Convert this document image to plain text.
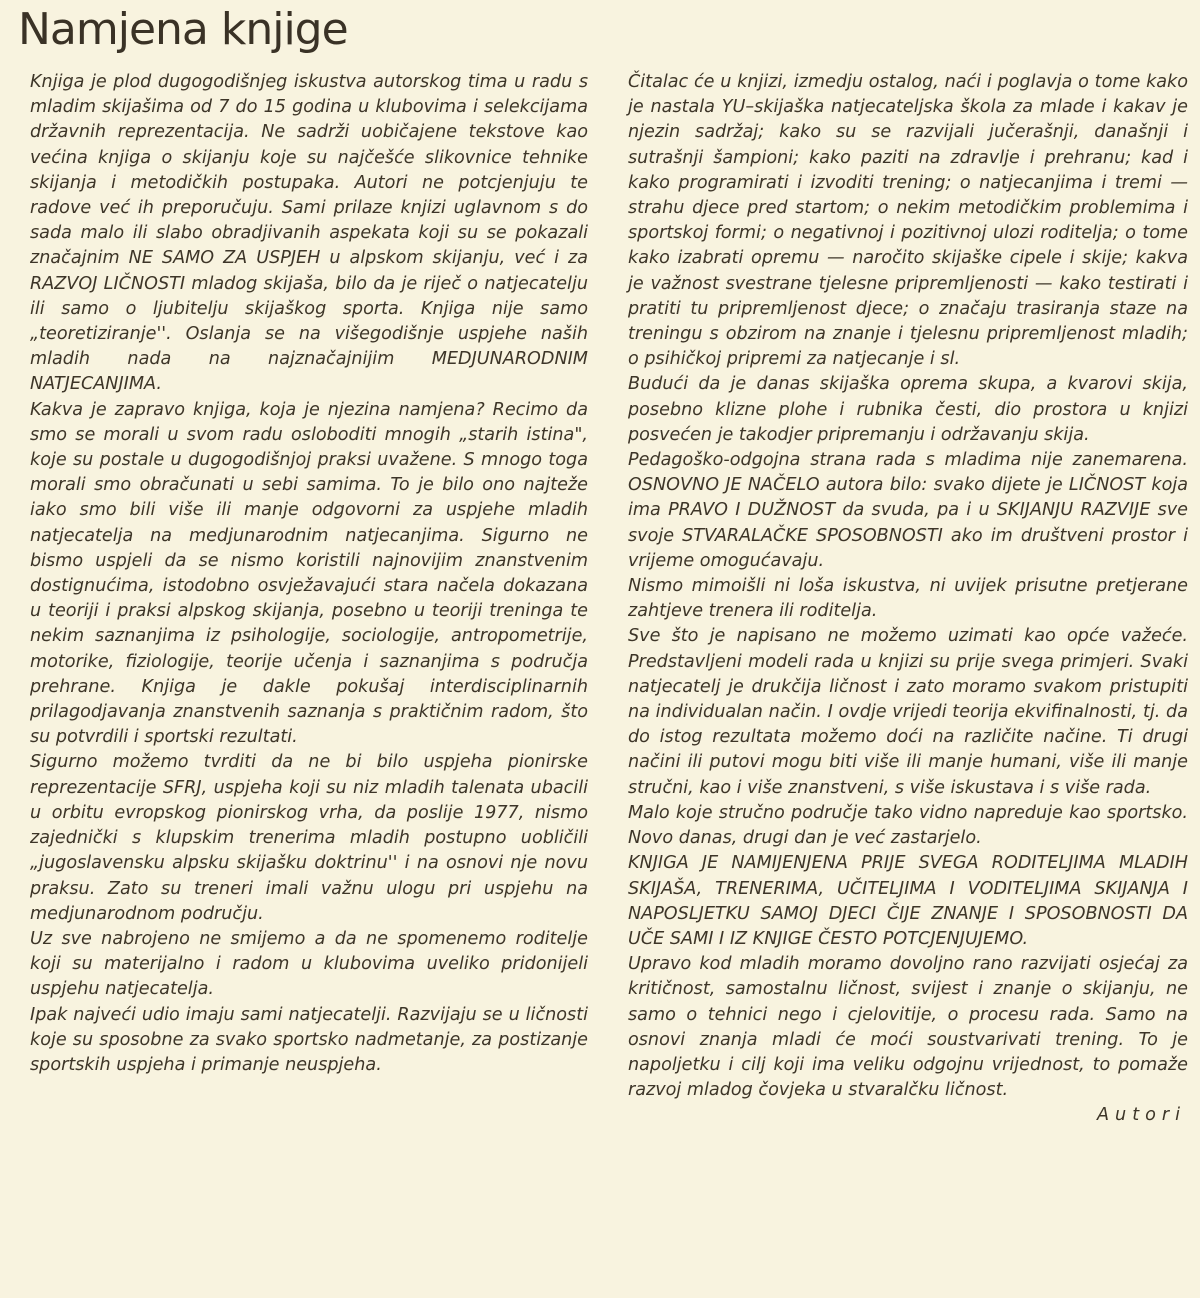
Namjena knjige

Knjiga je plod dugogodišnjeg iskustva autorskog tima u radu s mladim skijašima od 7 do 15 godina u klubovima i selekcijama državnih reprezentacija. Ne sadrži uobičajene tekstove kao većina knjiga o skijanju koje su najčešće slikovnice tehnike skijanja i metodičkih postupaka. Autori ne potcjenjuju te radove već ih preporučuju. Sami prilaze knjizi uglavnom s do sada malo ili slabo obradjivanih aspekata koji su se pokazali značajnim NE SAMO ZA USPJEH u alpskom skijanju, već i za RAZVOJ LIČNOSTI mladog skijaša, bilo da je riječ o natjecatelju ili samo o ljubitelju skijaškog sporta. Knjiga nije samo „teoretiziranje''. Oslanja se na višegodišnje uspjehe naših mladih nada na najznačajnijim MEDJUNARODNIM NATJECANJIMA.

Kakva je zapravo knjiga, koja je njezina namjena? Recimo da smo se morali u svom radu osloboditi mnogih „starih istina", koje su postale u dugogodišnjoj praksi uvažene. S mnogo toga morali smo obračunati u sebi samima. To je bilo ono najteže iako smo bili više ili manje odgovorni za uspjehe mladih natjecatelja na medjunarodnim natjecanjima. Sigurno ne bismo uspjeli da se nismo koristili najnovijim znanstvenim dostignućima, istodobno osvježavajući stara načela dokazana u teoriji i praksi alpskog skijanja, posebno u teoriji treninga te nekim saznanjima iz psihologije, sociologije, antropometrije, motorike, fiziologije, teorije učenja i saznanjima s područja prehrane. Knjiga je dakle pokušaj interdisciplinarnih prilagodjavanja znanstvenih saznanja s praktičnim radom, što su potvrdili i sportski rezultati.

Sigurno možemo tvrditi da ne bi bilo uspjeha pionirske reprezentacije SFRJ, uspjeha koji su niz mladih talenata ubacili u orbitu evropskog pionirskog vrha, da poslije 1977, nismo zajednički s klupskim trenerima mladih postupno uobličili „jugoslavensku alpsku skijašku doktrinu'' i na osnovi nje novu praksu. Zato su treneri imali važnu ulogu pri uspjehu na medjunarodnom području.

Uz sve nabrojeno ne smijemo a da ne spomenemo roditelje koji su materijalno i radom u klubovima uveliko pridonijeli uspjehu natjecatelja.

Ipak najveći udio imaju sami natjecatelji. Razvijaju se u ličnosti koje su sposobne za svako sportsko nadmetanje, za postizanje sportskih uspjeha i primanje neuspjeha.

Čitalac će u knjizi, izmedju ostalog, naći i poglavja o tome kako je nastala YU–skijaška natjecateljska škola za mlade i kakav je njezin sadržaj; kako su se razvijali jučerašnji, današnji i sutrašnji šampioni; kako paziti na zdravlje i prehranu; kad i kako programirati i izvoditi trening; o natjecanjima i tremi — strahu djece pred startom; o nekim metodičkim problemima i sportskoj formi; o negativnoj i pozitivnoj ulozi roditelja; o tome kako izabrati opremu — naročito skijaške cipele i skije; kakva je važnost svestrane tjelesne pripremljenosti — kako testirati i pratiti tu pripremljenost djece; o značaju trasiranja staze na treningu s obzirom na znanje i tjelesnu pripremljenost mladih; o psihičkoj pripremi za natjecanje i sl.

Budući da je danas skijaška oprema skupa, a kvarovi skija, posebno klizne plohe i rubnika česti, dio prostora u knjizi posvećen je takodjer pripremanju i održavanju skija.

Pedagoško-odgojna strana rada s mladima nije zanemarena. OSNOVNO JE NAČELO autora bilo: svako dijete je LIČNOST koja ima PRAVO I DUŽNOST da svuda, pa i u SKIJANJU RAZVIJE sve svoje STVARALAČKE SPOSOBNOSTI ako im društveni prostor i vrijeme omogućavaju.

Nismo mimoišli ni loša iskustva, ni uvijek prisutne pretjerane zahtjeve trenera ili roditelja.

Sve što je napisano ne možemo uzimati kao opće važeće. Predstavljeni modeli rada u knjizi su prije svega primjeri. Svaki natjecatelj je drukčija ličnost i zato moramo svakom pristupiti na individualan način. I ovdje vrijedi teorija ekvifinalnosti, tj. da do istog rezultata možemo doći na različite načine. Ti drugi načini ili putovi mogu biti više ili manje humani, više ili manje stručni, kao i više znanstveni, s više iskustava i s više rada.

Malo koje stručno područje tako vidno napreduje kao sportsko. Novo danas, drugi dan je već zastarjelo.

KNJIGA JE NAMIJENJENA PRIJE SVEGA RODITELJIMA MLADIH SKIJAŠA, TRENERIMA, UČITELJIMA I VODITELJIMA SKIJANJA I NAPOSLJETKU SAMOJ DJECI ČIJE ZNANJE I SPOSOBNOSTI DA UČE SAMI I IZ KNJIGE ČESTO POTCJENJUJEMO.

Upravo kod mladih moramo dovoljno rano razvijati osjećaj za kritičnost, samostalnu ličnost, svijest i znanje o skijanju, ne samo o tehnici nego i cjelovitije, o procesu rada. Samo na osnovi znanja mladi će moći soustvarivati trening. To je napoljetku i cilj koji ima veliku odgojnu vrijednost, to pomaže razvoj mladog čovjeka u stvaralčku ličnost.

Autori
